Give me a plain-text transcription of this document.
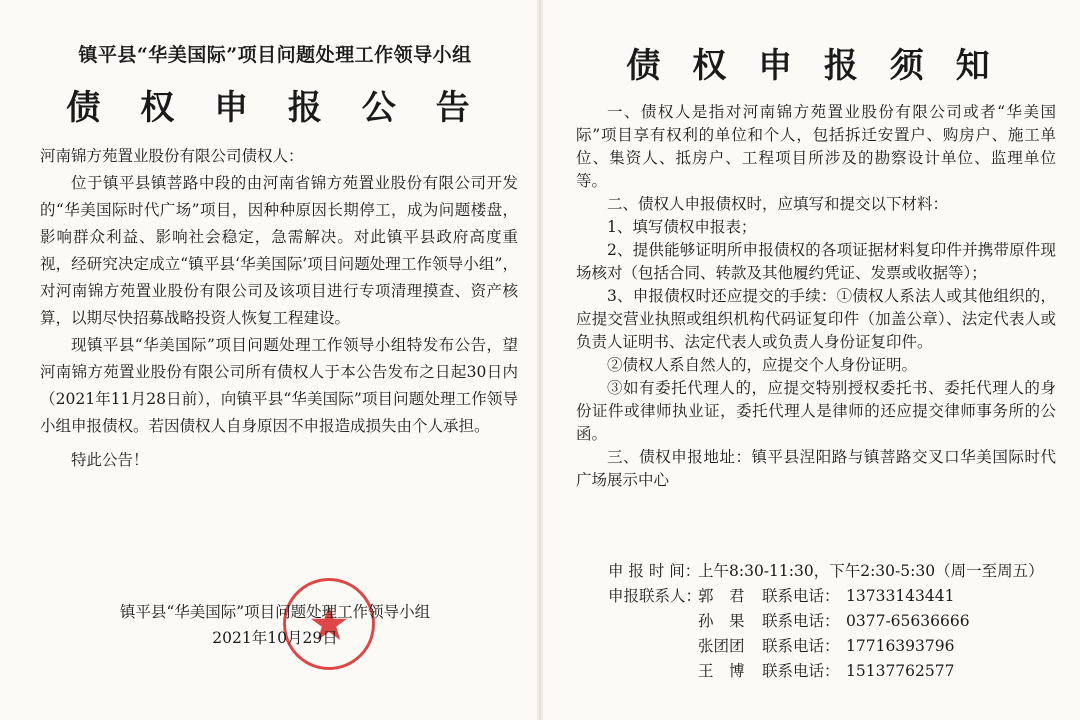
镇平县“华美国际”项目问题处理工作领导小组
债 权 申 报 公 告

河南锦方苑置业股份有限公司债权人：

位于镇平县镇菩路中段的由河南省锦方苑置业股份有限公司开发的“华美国际时代广场”项目，因种种原因长期停工，成为问题楼盘，影响群众利益、影响社会稳定，急需解决。对此镇平县政府高度重视，经研究决定成立“镇平县‘华美国际’项目问题处理工作领导小组”，对河南锦方苑置业股份有限公司及该项目进行专项清理摸查、资产核算，以期尽快招募战略投资人恢复工程建设。

现镇平县“华美国际”项目问题处理工作领导小组特发布公告，望河南锦方苑置业股份有限公司所有债权人于本公告发布之日起30日内（2021年11月28日前），向镇平县“华美国际”项目问题处理工作领导小组申报债权。若因债权人自身原因不申报造成损失由个人承担。

特此公告！

镇平县“华美国际”项目问题处理工作领导小组
2021年10月29日
债 权 申 报 须 知

一、债权人是指对河南锦方苑置业股份有限公司或者“华美国际”项目享有权利的单位和个人，包括拆迁安置户、购房户、施工单位、集资人、抵房户、工程项目所涉及的勘察设计单位、监理单位等。

二、债权人申报债权时，应填写和提交以下材料：

1、填写债权申报表；

2、提供能够证明所申报债权的各项证据材料复印件并携带原件现场核对（包括合同、转款及其他履约凭证、发票或收据等）；

3、申报债权时还应提交的手续：①债权人系法人或其他组织的，应提交营业执照或组织机构代码证复印件（加盖公章）、法定代表人或负责人证明书、法定代表人或负责人身份证复印件。

②债权人系自然人的，应提交个人身份证明。

③如有委托代理人的，应提交特别授权委托书、委托代理人的身份证件或律师执业证，委托代理人是律师的还应提交律师事务所的公函。

三、债权申报地址：镇平县涅阳路与镇菩路交叉口华美国际时代广场展示中心

申 报 时 间：
上午8:30-11:30，下午2:30-5:30（周一至周五）
申报联系人：
郭　君	联系电话： 13733143441
孙　果	联系电话： 0377-65636666
张团团	联系电话： 17716393796
王　博	联系电话： 15137762577
